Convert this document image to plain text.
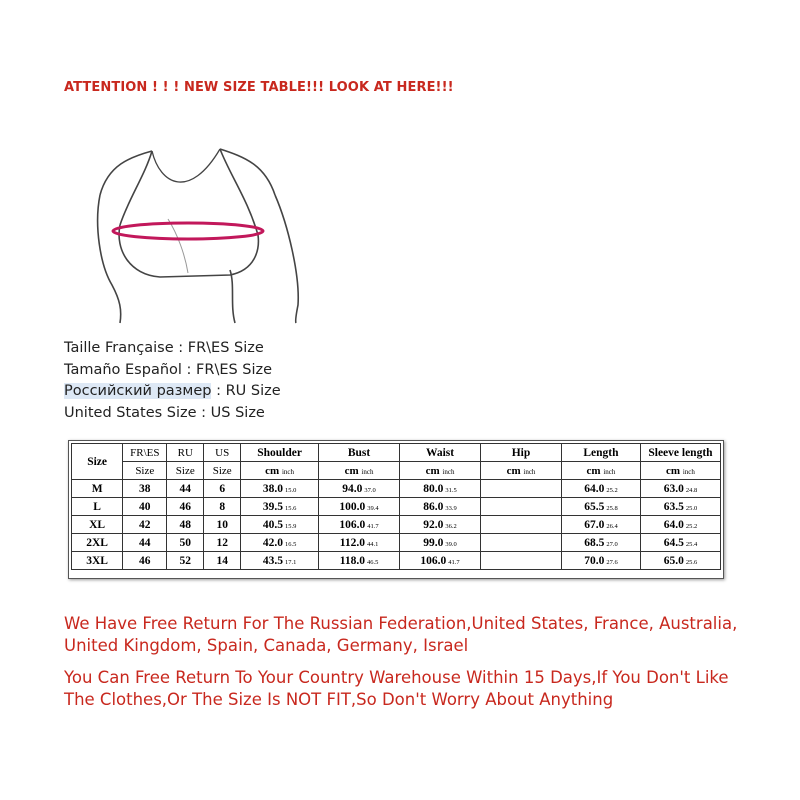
ATTENTION ! ! ! NEW SIZE TABLE!!! LOOK AT HERE!!!
Taille Française : FR\ES Size
Tamaño Español : FR\ES Size
Российский размер : RU Size
United States Size : US Size
Size	FR\ES	RU	US	Shoulder	Bust	Waist	Hip	Length	Sleeve length
	Size	Size	Size	cm inch	cm inch	cm inch	cm inch	cm inch	cm inch
M	38	44	6	38.0 15.0	94.0 37.0	80.0 31.5		64.0 25.2	63.0 24.8
L	40	46	8	39.5 15.6	100.0 39.4	86.0 33.9		65.5 25.8	63.5 25.0
XL	42	48	10	40.5 15.9	106.0 41.7	92.0 36.2		67.0 26.4	64.0 25.2
2XL	44	50	12	42.0 16.5	112.0 44.1	99.0 39.0		68.5 27.0	64.5 25.4
3XL	46	52	14	43.5 17.1	118.0 46.5	106.0 41.7		70.0 27.6	65.0 25.6
We Have Free Return For The Russian Federation,United States, France, Australia, United Kingdom, Spain, Canada, Germany, Israel
You Can Free Return To Your Country Warehouse Within 15 Days,If You Don't Like The Clothes,Or The Size Is NOT FIT,So Don't Worry About Anything
